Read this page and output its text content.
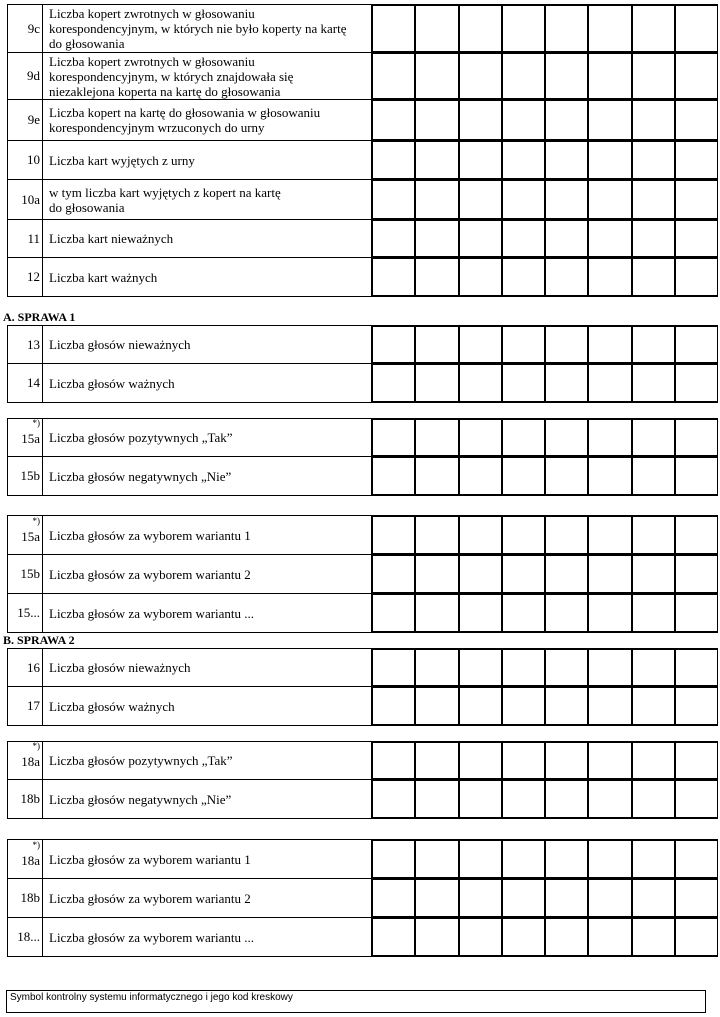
9c
Liczba kopert zwrotnych w głosowaniu
korespondencyjnym, w których nie było koperty na kartę
do głosowania
9d
Liczba kopert zwrotnych w głosowaniu
korespondencyjnym, w których znajdowała się
niezaklejona koperta na kartę do głosowania
9e Liczba kopert na kartę do głosowania w głosowaniu
korespondencyjnym wrzuconych do urny
10 Liczba kart wyjętych z urny
10a w tym liczba kart wyjętych z kopert na kartę
do głosowania
11 Liczba kart nieważnych
12 Liczba kart ważnych
A. SPRAWA 1
13 Liczba głosów nieważnych
14 Liczba głosów ważnych
*)
15a Liczba głosów pozytywnych „Tak”
15b Liczba głosów negatywnych „Nie”
*)
15a Liczba głosów za wyborem wariantu 1
15b Liczba głosów za wyborem wariantu 2
15... Liczba głosów za wyborem wariantu ...
B. SPRAWA 2
16 Liczba głosów nieważnych
17 Liczba głosów ważnych
*)
18a Liczba głosów pozytywnych „Tak”
18b Liczba głosów negatywnych „Nie”
*)
18a Liczba głosów za wyborem wariantu 1
18b Liczba głosów za wyborem wariantu 2
18... Liczba głosów za wyborem wariantu ...
Symbol kontrolny systemu informatycznego i jego kod kreskowy
